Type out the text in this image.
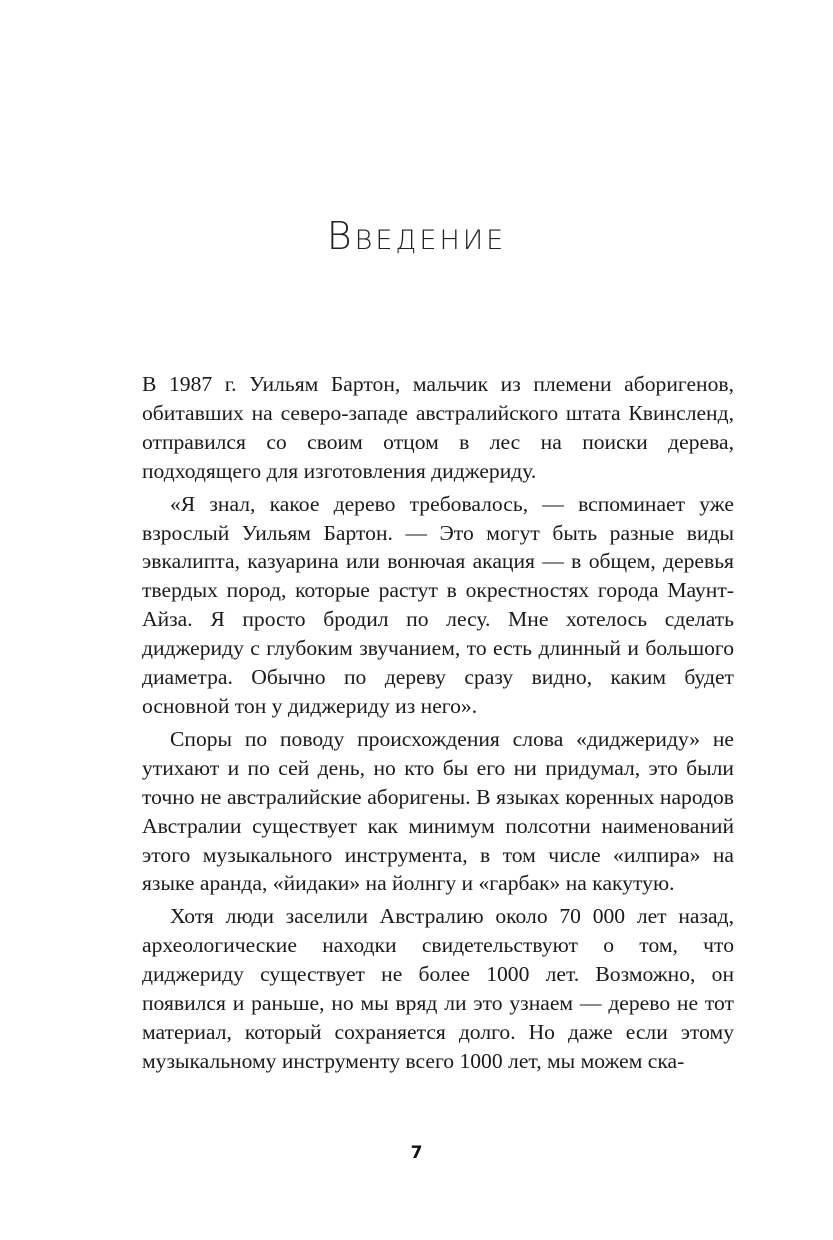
Введение

В 1987 г. Уильям Бартон, мальчик из племени аборигенов, обитавших на северо-западе австралийского штата Квинсленд, отправился со своим отцом в лес на поиски дерева, подходящего для изготовления диджериду.

«Я знал, какое дерево требовалось, — вспоминает уже взрослый Уильям Бартон. — Это могут быть разные виды эвкалипта, казуарина или вонючая акация — в общем, деревья твердых пород, которые растут в окрестностях города Маунт-Айза. Я просто бродил по лесу. Мне хотелось сделать диджериду с глубоким звучанием, то есть длинный и большого диаметра. Обычно по дереву сразу видно, каким будет основной тон у диджериду из него».

Споры по поводу происхождения слова «диджериду» не утихают и по сей день, но кто бы его ни придумал, это были точно не австралийские аборигены. В языках коренных народов Австралии существует как минимум полсотни наименований этого музыкального инструмента, в том числе «илпира» на языке аранда, «йидаки» на йолнгу и «гарбак» на какутую.

Хотя люди заселили Австралию около 70 000 лет назад, археологические находки свидетельствуют о том, что диджериду существует не более 1000 лет. Возможно, он появился и раньше, но мы вряд ли это узнаем — дерево не тот материал, который сохраняется долго. Но даже если этому музыкальному инструменту всего 1000 лет, мы можем ска-

7
